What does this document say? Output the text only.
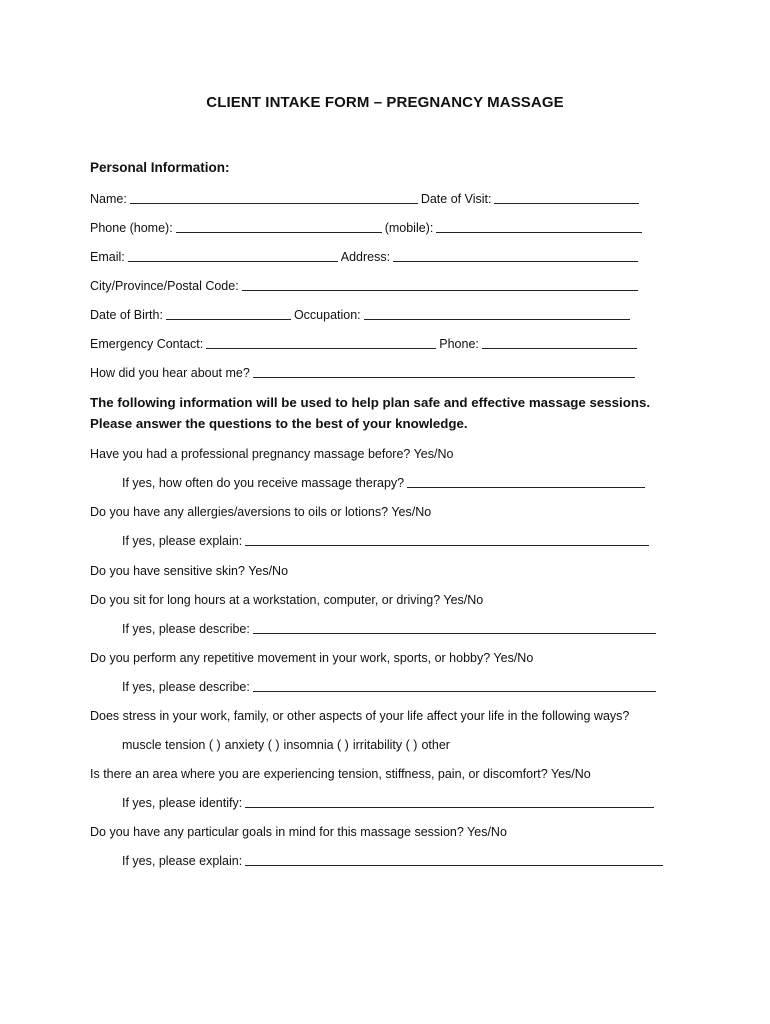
CLIENT INTAKE FORM – PREGNANCY MASSAGE
Personal Information:
Name:	Date of Visit:
Phone (home):	(mobile):
Email:	Address:
City/Province/Postal Code:
Date of Birth:	Occupation:
Emergency Contact:	Phone:
How did you hear about me?
The following information will be used to help plan safe and effective massage sessions.
Please answer the questions to the best of your knowledge.
Have you had a professional pregnancy massage before? Yes/No
If yes, how often do you receive massage therapy?
Do you have any allergies/aversions to oils or lotions? Yes/No
If yes, please explain:
Do you have sensitive skin? Yes/No
Do you sit for long hours at a workstation, computer, or driving? Yes/No
If yes, please describe:
Do you perform any repetitive movement in your work, sports, or hobby? Yes/No
If yes, please describe:
Does stress in your work, family, or other aspects of your life affect your life in the following ways?
muscle tension ( ) anxiety ( ) insomnia ( ) irritability ( ) other
Is there an area where you are experiencing tension, stiffness, pain, or discomfort? Yes/No
If yes, please identify:
Do you have any particular goals in mind for this massage session? Yes/No
If yes, please explain:
